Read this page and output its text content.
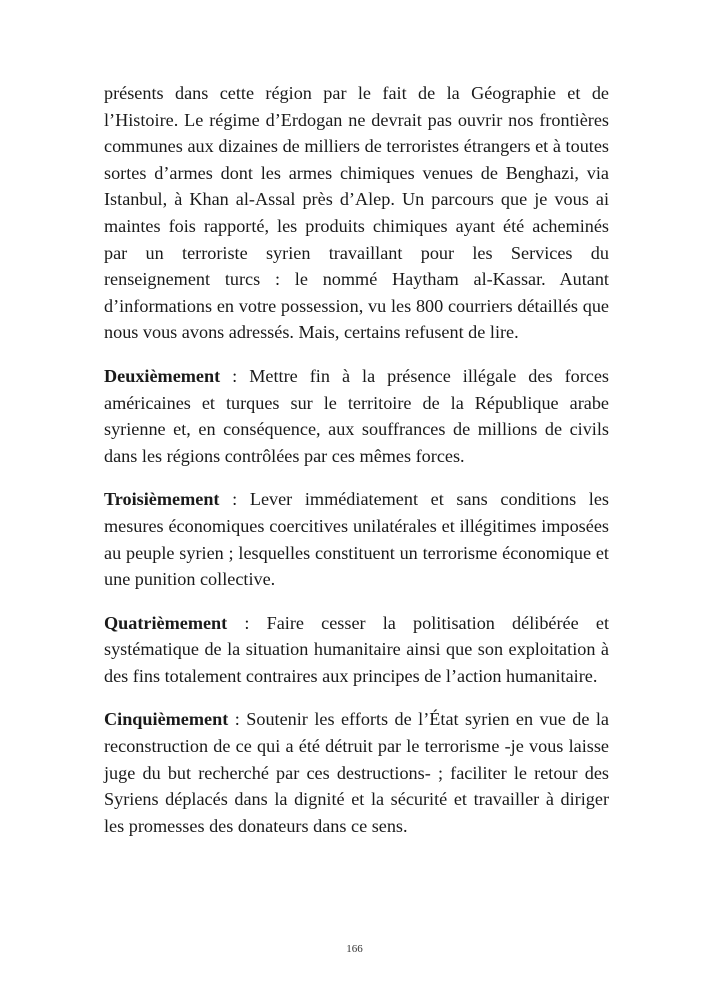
présents dans cette région par le fait de la Géographie et de l’Histoire. Le régime d’Erdogan ne devrait pas ouvrir nos frontières communes aux dizaines de milliers de terroristes étrangers et à toutes sortes d’armes dont les armes chimiques venues de Benghazi, via Istanbul, à Khan al-Assal près d’Alep. Un parcours que je vous ai maintes fois rapporté, les produits chimiques ayant été acheminés par un terroriste syrien travaillant pour les Services du renseignement turcs : le nommé Haytham al-Kassar. Autant d’informations en votre possession, vu les 800 courriers détaillés que nous vous avons adressés. Mais, certains refusent de lire.

Deuxièmement : Mettre fin à la présence illégale des forces américaines et turques sur le territoire de la République arabe syrienne et, en conséquence, aux souffrances de millions de civils dans les régions contrôlées par ces mêmes forces.

Troisièmement : Lever immédiatement et sans conditions les mesures économiques coercitives unilatérales et illégitimes imposées au peuple syrien ; lesquelles constituent un terrorisme économique et une punition collective.

Quatrièmement : Faire cesser la politisation délibérée et systématique de la situation humanitaire ainsi que son exploitation à des fins totalement contraires aux principes de l’action humanitaire.

Cinquièmement : Soutenir les efforts de l’État syrien en vue de la reconstruction de ce qui a été détruit par le terrorisme -je vous laisse juge du but recherché par ces destructions- ; faciliter le retour des Syriens déplacés dans la dignité et la sécurité et travailler à diriger les promesses des donateurs dans ce sens.

166
